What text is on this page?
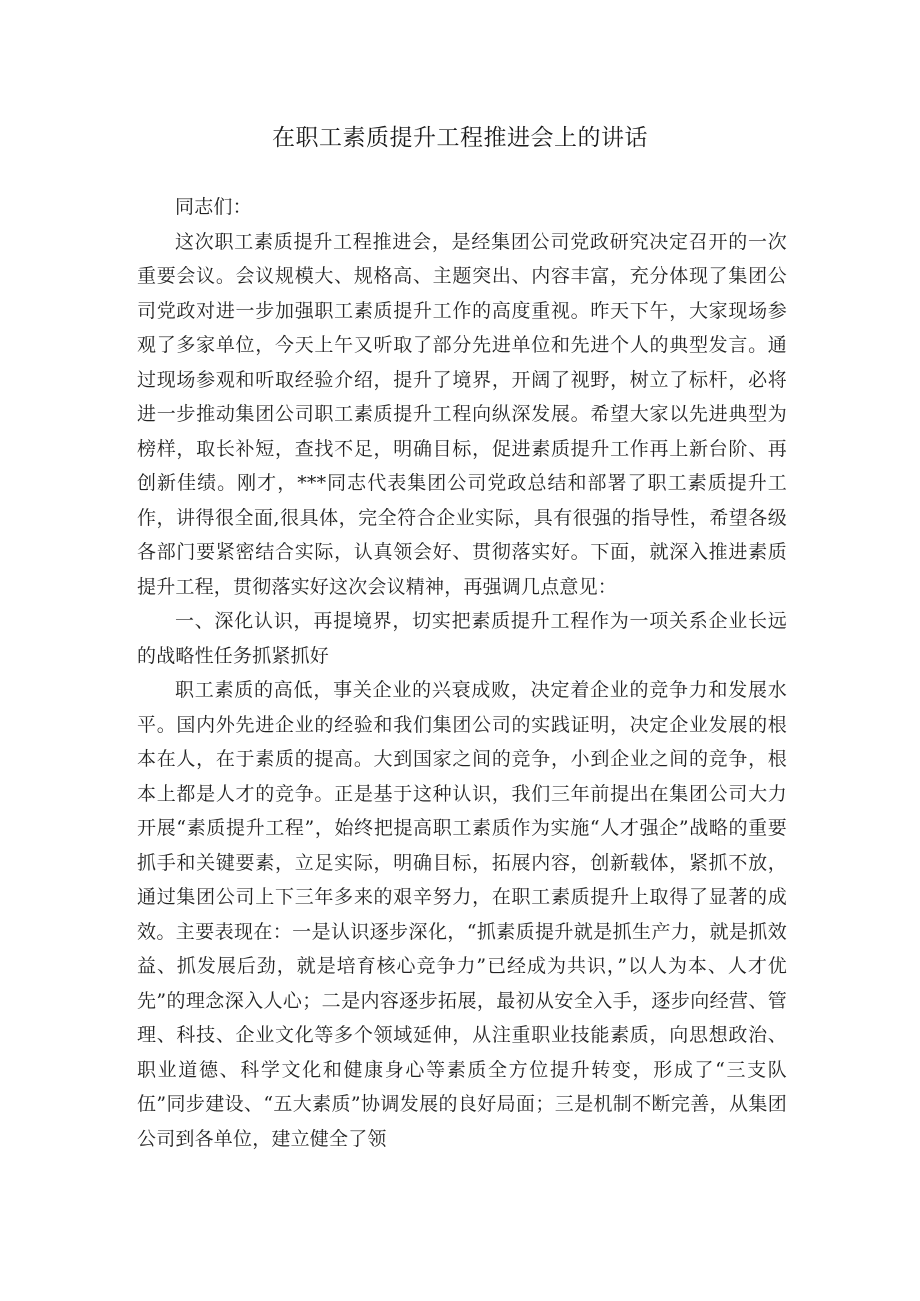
在职工素质提升工程推进会上的讲话

同志们：

这次职工素质提升工程推进会，是经集团公司党政研究决定召开的一次重要会议。会议规模大、规格高、主题突出、内容丰富，充分体现了集团公司党政对进一步加强职工素质提升工作的高度重视。昨天下午，大家现场参观了多家单位，今天上午又听取了部分先进单位和先进个人的典型发言。通过现场参观和听取经验介绍，提升了境界，开阔了视野，树立了标杆，必将进一步推动集团公司职工素质提升工程向纵深发展。希望大家以先进典型为榜样，取长补短，查找不足，明确目标，促进素质提升工作再上新台阶、再创新佳绩。刚才，***同志代表集团公司党政总结和部署了职工素质提升工作，讲得很全面,很具体，完全符合企业实际，具有很强的指导性，希望各级各部门要紧密结合实际，认真领会好、贯彻落实好。下面，就深入推进素质提升工程，贯彻落实好这次会议精神，再强调几点意见：

一、深化认识，再提境界，切实把素质提升工程作为一项关系企业长远的战略性任务抓紧抓好

职工素质的高低，事关企业的兴衰成败，决定着企业的竞争力和发展水平。国内外先进企业的经验和我们集团公司的实践证明，决定企业发展的根本在人，在于素质的提高。大到国家之间的竞争，小到企业之间的竞争，根本上都是人才的竞争。正是基于这种认识，我们三年前提出在集团公司大力开展“素质提升工程”，始终把提高职工素质作为实施“人才强企”战略的重要抓手和关键要素，立足实际，明确目标，拓展内容，创新载体，紧抓不放，通过集团公司上下三年多来的艰辛努力，在职工素质提升上取得了显著的成效。主要表现在：一是认识逐步深化，“抓素质提升就是抓生产力，就是抓效益、抓发展后劲，就是培育核心竞争力”已经成为共识，”以人为本、人才优先”的理念深入人心；二是内容逐步拓展，最初从安全入手，逐步向经营、管理、科技、企业文化等多个领域延伸，从注重职业技能素质，向思想政治、职业道德、科学文化和健康身心等素质全方位提升转变，形成了“三支队伍”同步建设、“五大素质”协调发展的良好局面；三是机制不断完善，从集团公司到各单位，建立健全了领
